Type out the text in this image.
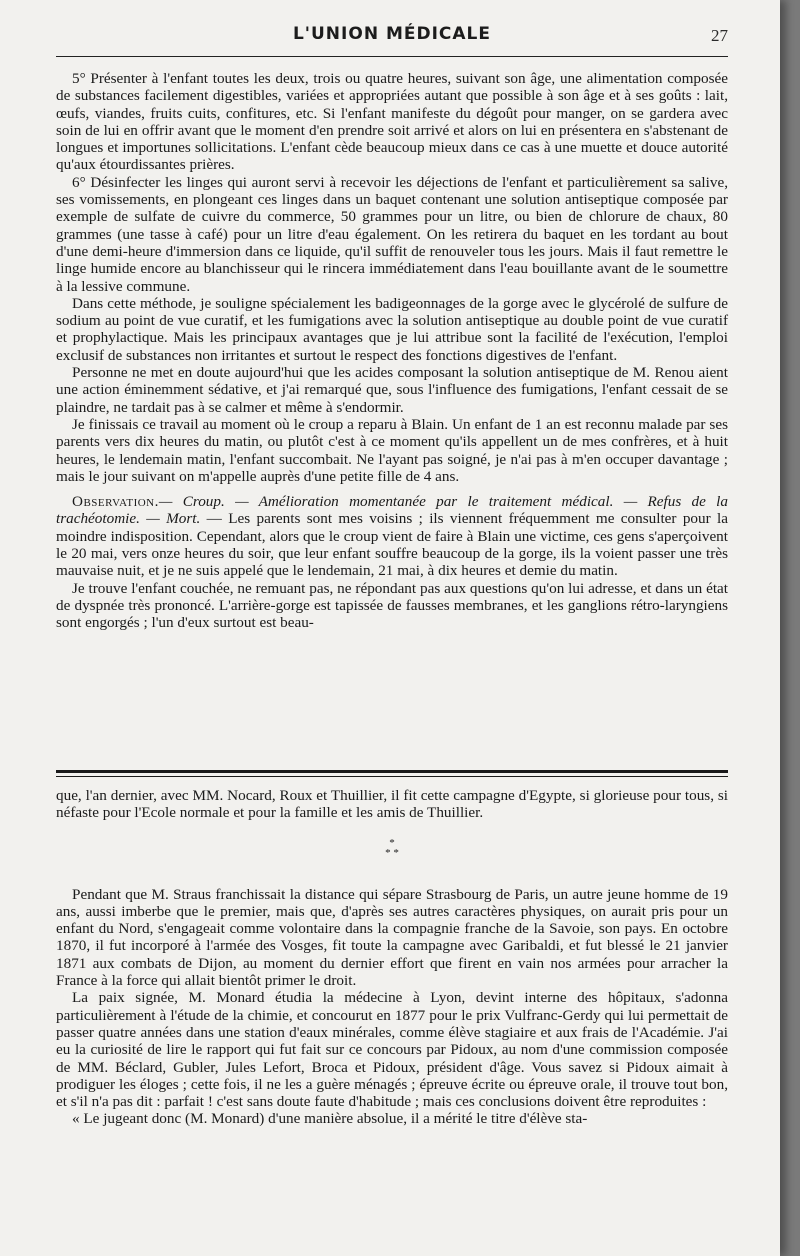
L'UNION MÉDICALE	27

5° Présenter à l'enfant toutes les deux, trois ou quatre heures, suivant son âge, une alimentation composée de substances facilement digestibles, variées et appropriées autant que possible à son âge et à ses goûts : lait, œufs, viandes, fruits cuits, confitures, etc. Si l'enfant manifeste du dégoût pour manger, on se gardera avec soin de lui en offrir avant que le moment d'en prendre soit arrivé et alors on lui en présentera en s'abstenant de longues et importunes sollicitations. L'enfant cède beaucoup mieux dans ce cas à une muette et douce autorité qu'aux étourdissantes prières.

6° Désinfecter les linges qui auront servi à recevoir les déjections de l'enfant et particulièrement sa salive, ses vomissements, en plongeant ces linges dans un baquet contenant une solution antiseptique composée par exemple de sulfate de cuivre du commerce, 50 grammes pour un litre, ou bien de chlorure de chaux, 80 grammes (une tasse à café) pour un litre d'eau également. On les retirera du baquet en les tordant au bout d'une demi-heure d'immersion dans ce liquide, qu'il suffit de renouveler tous les jours. Mais il faut remettre le linge humide encore au blanchisseur qui le rincera immédiatement dans l'eau bouillante avant de le soumettre à la lessive commune.

Dans cette méthode, je souligne spécialement les badigeonnages de la gorge avec le glycérolé de sulfure de sodium au point de vue curatif, et les fumigations avec la solution antiseptique au double point de vue curatif et prophylactique. Mais les principaux avantages que je lui attribue sont la facilité de l'exécution, l'emploi exclusif de substances non irritantes et surtout le respect des fonctions digestives de l'enfant.

Personne ne met en doute aujourd'hui que les acides composant la solution antiseptique de M. Renou aient une action éminemment sédative, et j'ai remarqué que, sous l'influence des fumigations, l'enfant cessait de se plaindre, ne tardait pas à se calmer et même à s'endormir.

Je finissais ce travail au moment où le croup a reparu à Blain. Un enfant de 1 an est reconnu malade par ses parents vers dix heures du matin, ou plutôt c'est à ce moment qu'ils appellent un de mes confrères, et à huit heures, le lendemain matin, l'enfant succombait. Ne l'ayant pas soigné, je n'ai pas à m'en occuper davantage ; mais le jour suivant on m'appelle auprès d'une petite fille de 4 ans.

Observation.— Croup. — Amélioration momentanée par le traitement médical. — Refus de la trachéotomie. — Mort. — Les parents sont mes voisins ; ils viennent fréquemment me consulter pour la moindre indisposition. Cependant, alors que le croup vient de faire à Blain une victime, ces gens s'aperçoivent le 20 mai, vers onze heures du soir, que leur enfant souffre beaucoup de la gorge, ils la voient passer une très mauvaise nuit, et je ne suis appelé que le lendemain, 21 mai, à dix heures et demie du matin.

Je trouve l'enfant couchée, ne remuant pas, ne répondant pas aux questions qu'on lui adresse, et dans un état de dyspnée très prononcé. L'arrière-gorge est tapissée de fausses membranes, et les ganglions rétro-laryngiens sont engorgés ; l'un d'eux surtout est beau-

que, l'an dernier, avec MM. Nocard, Roux et Thuillier, il fit cette campagne d'Egypte, si glorieuse pour tous, si néfaste pour l'Ecole normale et pour la famille et les amis de Thuillier.

*
* *

Pendant que M. Straus franchissait la distance qui sépare Strasbourg de Paris, un autre jeune homme de 19 ans, aussi imberbe que le premier, mais que, d'après ses autres caractères physiques, on aurait pris pour un enfant du Nord, s'engageait comme volontaire dans la compagnie franche de la Savoie, son pays. En octobre 1870, il fut incorporé à l'armée des Vosges, fit toute la campagne avec Garibaldi, et fut blessé le 21 janvier 1871 aux combats de Dijon, au moment du dernier effort que firent en vain nos armées pour arracher la France à la force qui allait bientôt primer le droit.

La paix signée, M. Monard étudia la médecine à Lyon, devint interne des hôpitaux, s'adonna particulièrement à l'étude de la chimie, et concourut en 1877 pour le prix Vulfranc-Gerdy qui lui permettait de passer quatre années dans une station d'eaux minérales, comme élève stagiaire et aux frais de l'Académie. J'ai eu la curiosité de lire le rapport qui fut fait sur ce concours par Pidoux, au nom d'une commission composée de MM. Béclard, Gubler, Jules Lefort, Broca et Pidoux, président d'âge. Vous savez si Pidoux aimait à prodiguer les éloges ; cette fois, il ne les a guère ménagés ; épreuve écrite ou épreuve orale, il trouve tout bon, et s'il n'a pas dit : parfait ! c'est sans doute faute d'habitude ; mais ces conclusions doivent être reproduites :

« Le jugeant donc (M. Monard) d'une manière absolue, il a mérité le titre d'élève sta-
